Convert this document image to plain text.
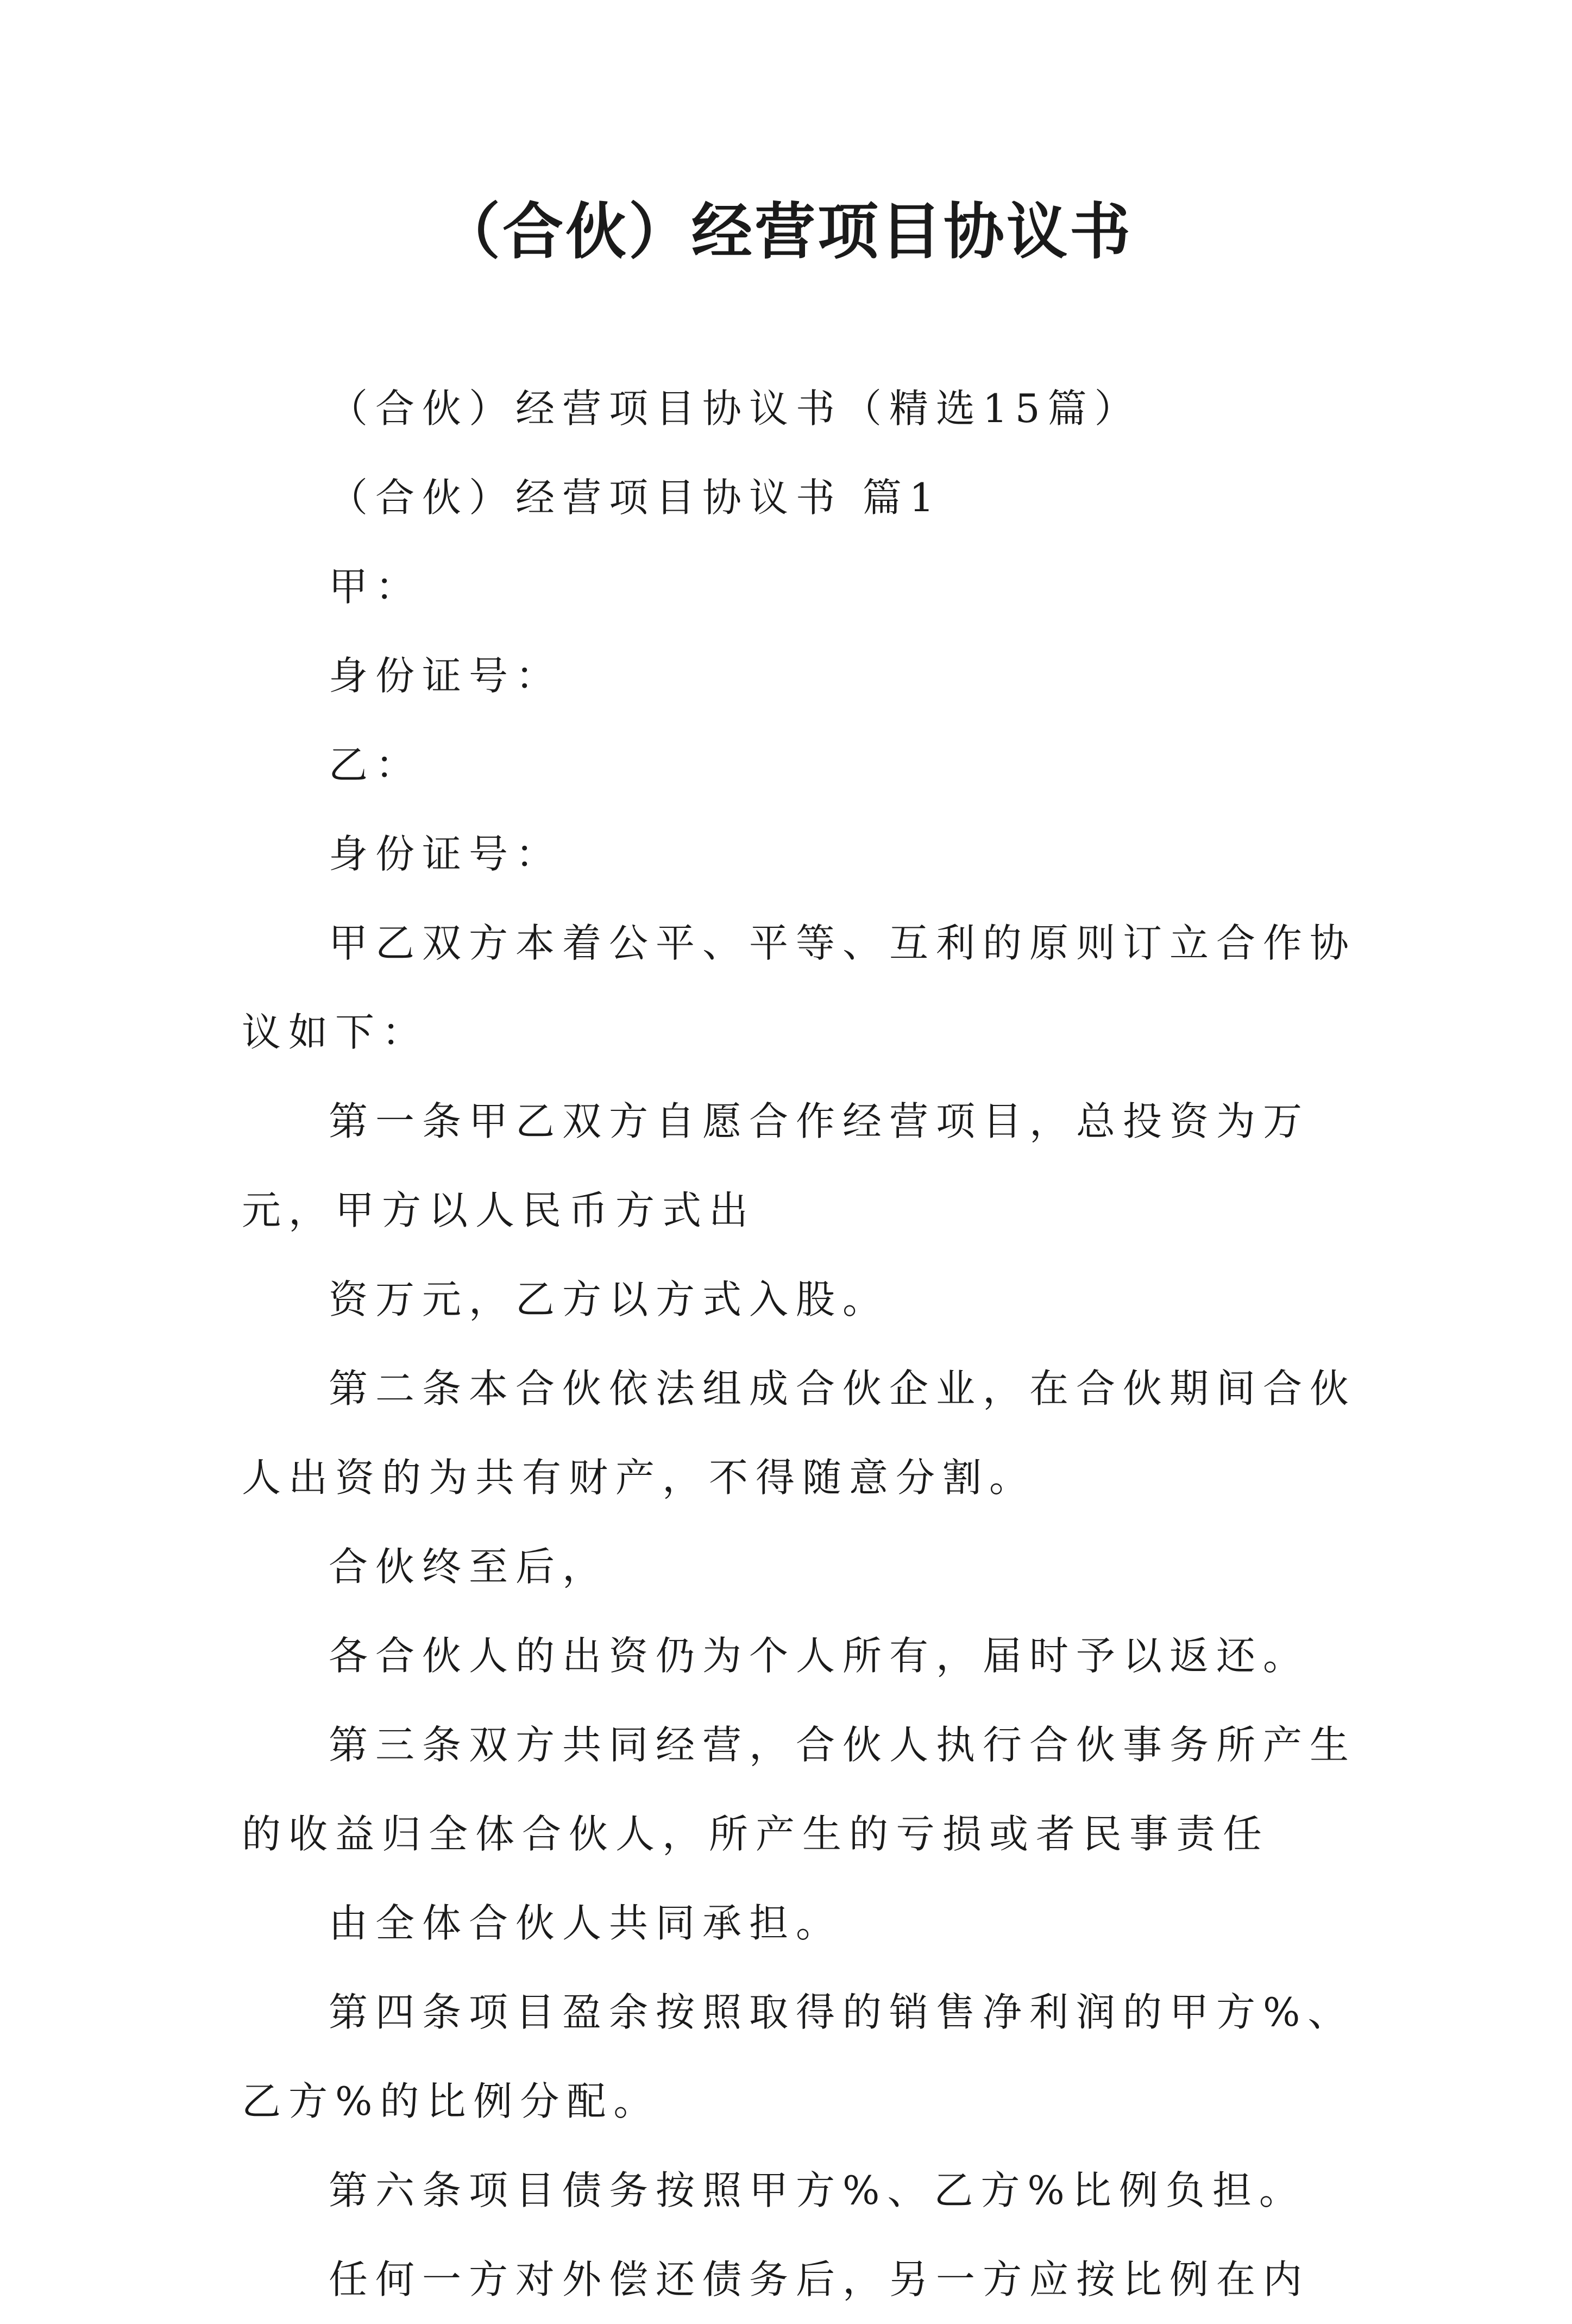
（合伙）经营项目协议书

（合伙）经营项目协议书（精选15篇）

（合伙）经营项目协议书 篇1

甲：

身份证号：

乙：

身份证号：

甲乙双方本着公平、平等、互利的原则订立合作协议如下：

第一条甲乙双方自愿合作经营项目，总投资为万元，甲方以人民币方式出

资万元，乙方以方式入股。

第二条本合伙依法组成合伙企业，在合伙期间合伙人出资的为共有财产，不得随意分割。

合伙终至后，

各合伙人的出资仍为个人所有，届时予以返还。

第三条双方共同经营，合伙人执行合伙事务所产生的收益归全体合伙人，所产生的亏损或者民事责任

由全体合伙人共同承担。

第四条项目盈余按照取得的销售净利润的甲方%、乙方%的比例分配。

第六条项目债务按照甲方%、乙方%比例负担。

任何一方对外偿还债务后，另一方应按比例在内
